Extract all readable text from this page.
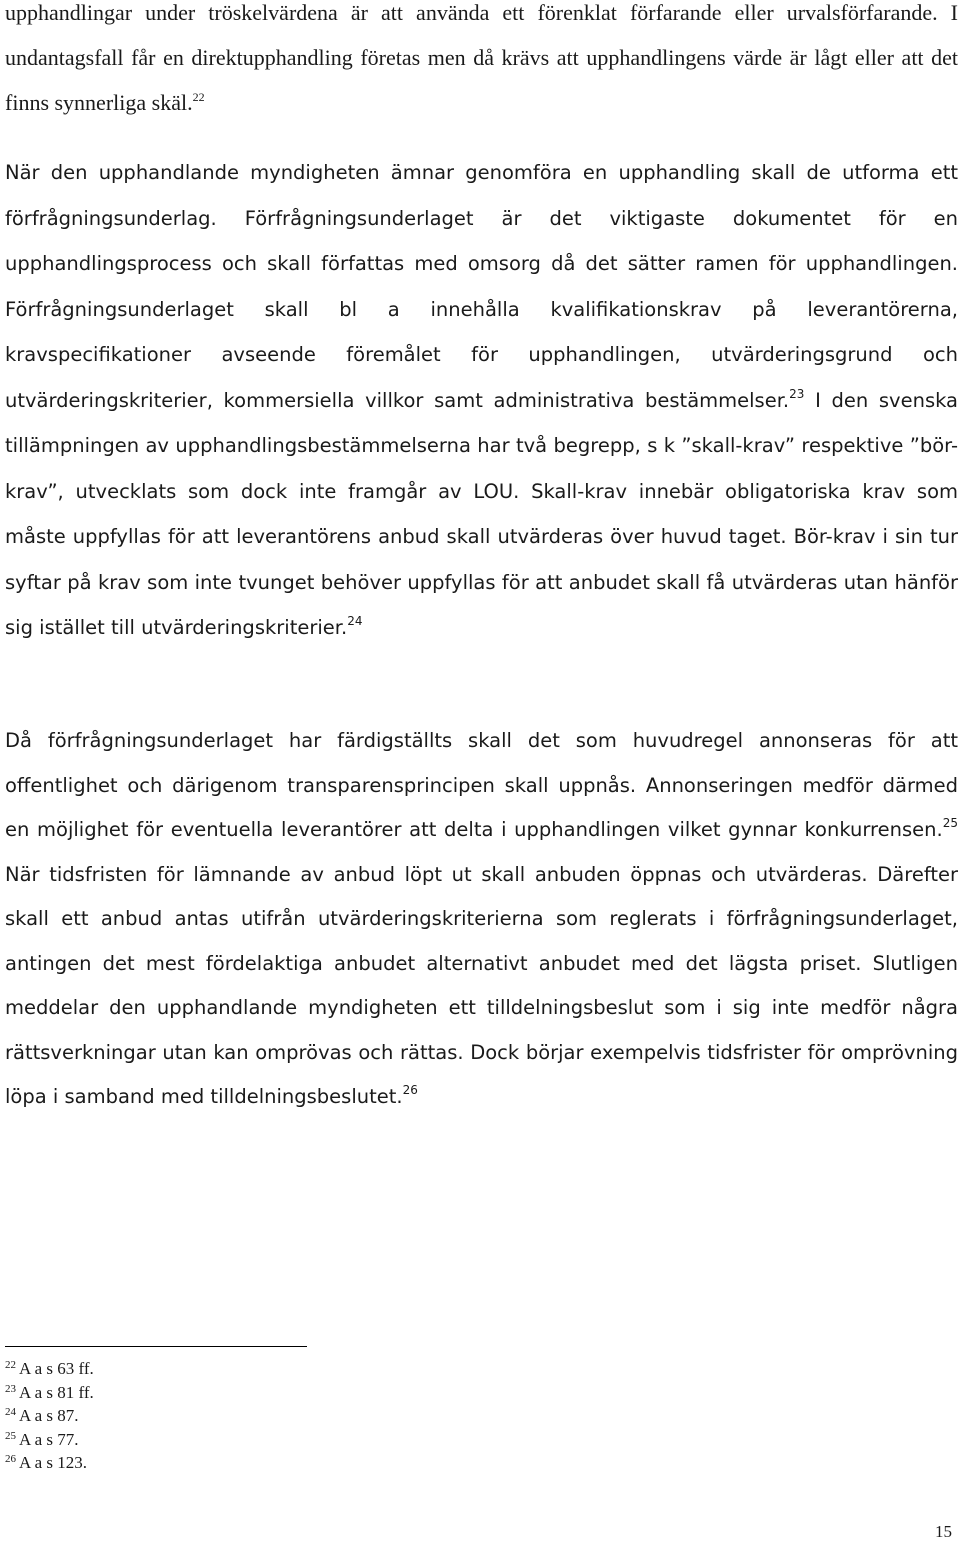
upphandlingar under tröskelvärdena är att använda ett förenklat förfarande eller urvalsförfarande. I undantagsfall får en direktupphandling företas men då krävs att upphandlingens värde är lågt eller att det finns synnerliga skäl.$^{22}$

När den upphandlande myndigheten ämnar genomföra en upphandling skall de utforma ett förfrågningsunderlag. Förfrågningsunderlaget är det viktigaste dokumentet för en upphandlingsprocess och skall författas med omsorg då det sätter ramen för upphandlingen. Förfrågningsunderlaget skall bl a innehålla kvalifikationskrav på leverantörerna, kravspecifikationer avseende föremålet för upphandlingen, utvärderingsgrund och utvärderingskriterier, kommersiella villkor samt administrativa bestämmelser.$^{23}$ I den svenska tillämpningen av upphandlingsbestämmelserna har två begrepp, s k ”skall-krav” respektive ”bör-krav”, utvecklats som dock inte framgår av LOU. Skall-krav innebär obligatoriska krav som måste uppfyllas för att leverantörens anbud skall utvärderas över huvud taget. Bör-krav i sin tur syftar på krav som inte tvunget behöver uppfyllas för att anbudet skall få utvärderas utan hänför sig istället till utvärderingskriterier.$^{24}$

Då förfrågningsunderlaget har färdigställts skall det som huvudregel annonseras för att offentlighet och därigenom transparensprincipen skall uppnås. Annonseringen medför därmed en möjlighet för eventuella leverantörer att delta i upphandlingen vilket gynnar konkurrensen.$^{25}$ När tidsfristen för lämnande av anbud löpt ut skall anbuden öppnas och utvärderas. Därefter skall ett anbud antas utifrån utvärderingskriterierna som reglerats i förfrågningsunderlaget, antingen det mest fördelaktiga anbudet alternativt anbudet med det lägsta priset. Slutligen meddelar den upphandlande myndigheten ett tilldelningsbeslut som i sig inte medför några rättsverkningar utan kan omprövas och rättas. Dock börjar exempelvis tidsfrister för omprövning löpa i samband med tilldelningsbeslutet.$^{26}$

$^{22}$ A a s 63 ff.
$^{23}$ A a s 81 ff.
$^{24}$ A a s 87.
$^{25}$ A a s 77.
$^{26}$ A a s 123.
15
